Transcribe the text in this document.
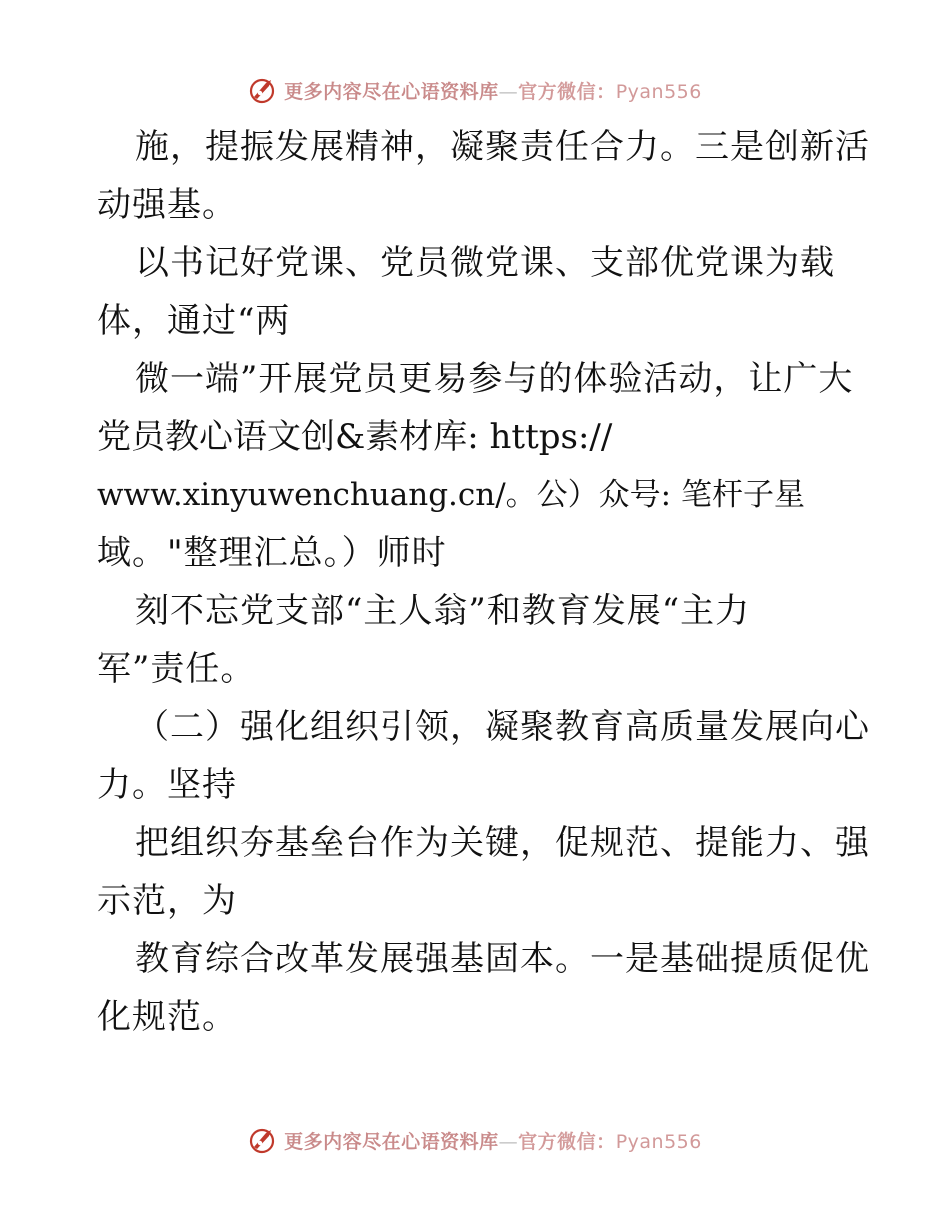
更多内容尽在心语资料库—官方微信：Pyan556
施，提振发展精神，凝聚责任合力。三是创新活
动强基。
以书记好党课、党员微党课、支部优党课为载
体，通过“两
微一端”开展党员更易参与的体验活动，让广大
党员教心语文创&素材库: https://
www.xinyuwenchuang.cn/。公）众号: 笔杆子星
域。"整理汇总。）师时
刻不忘党支部“主人翁”和教育发展“主力
军”责任。
（二）强化组织引领，凝聚教育高质量发展向心
力。坚持
把组织夯基垒台作为关键，促规范、提能力、强
示范，为
教育综合改革发展强基固本。一是基础提质促优
化规范。
更多内容尽在心语资料库—官方微信：Pyan556
